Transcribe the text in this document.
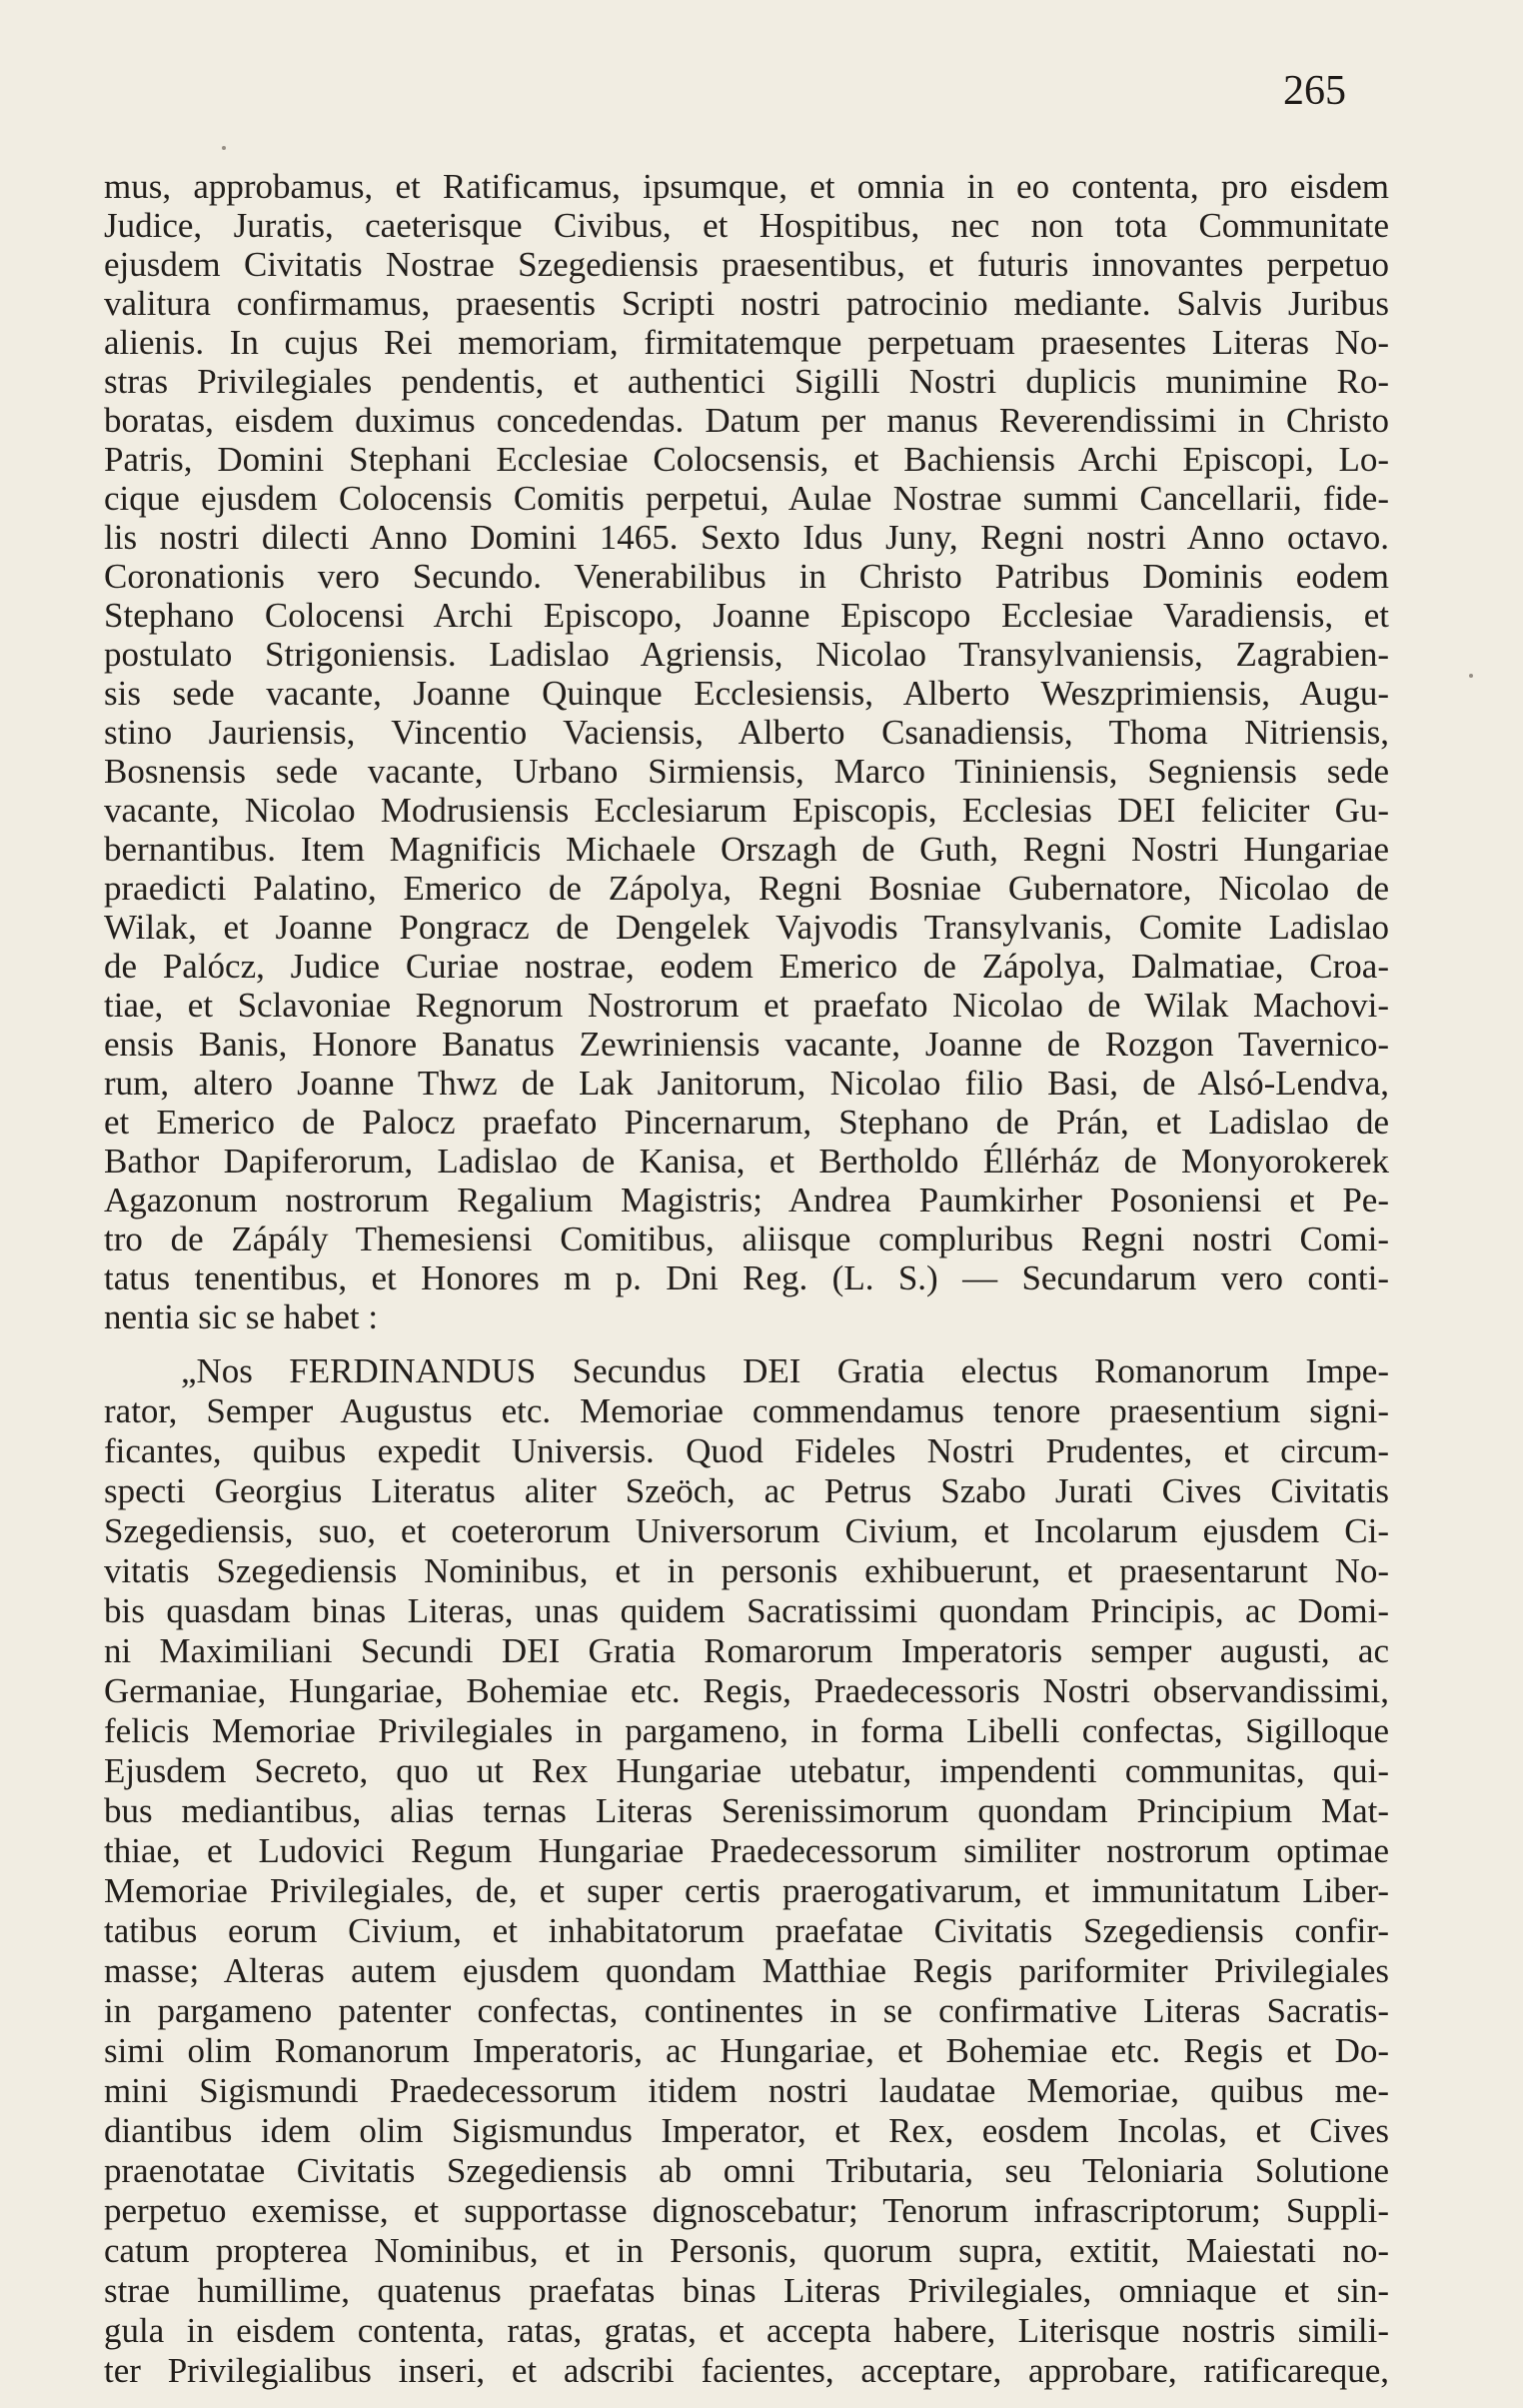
265
mus, approbamus, et Ratificamus, ipsumque, et omnia in eo contenta, pro eisdem
Judice, Juratis, caeterisque Civibus, et Hospitibus, nec non tota Communitate
ejusdem Civitatis Nostrae Szegediensis praesentibus, et futuris innovantes perpetuo
valitura confirmamus, praesentis Scripti nostri patrocinio mediante. Salvis Juribus
alienis. In cujus Rei memoriam, firmitatemque perpetuam praesentes Literas No-
stras Privilegiales pendentis, et authentici Sigilli Nostri duplicis munimine Ro-
boratas, eisdem duximus concedendas. Datum per manus Reverendissimi in Christo
Patris, Domini Stephani Ecclesiae Colocsensis, et Bachiensis Archi Episcopi, Lo-
cique ejusdem Colocensis Comitis perpetui, Aulae Nostrae summi Cancellarii, fide-
lis nostri dilecti Anno Domini 1465. Sexto Idus Juny, Regni nostri Anno octavo.
Coronationis vero Secundo. Venerabilibus in Christo Patribus Dominis eodem
Stephano Colocensi Archi Episcopo, Joanne Episcopo Ecclesiae Varadiensis, et
postulato Strigoniensis. Ladislao Agriensis, Nicolao Transylvaniensis, Zagrabien-
sis sede vacante, Joanne Quinque Ecclesiensis, Alberto Weszprimiensis, Augu-
stino Jauriensis, Vincentio Vaciensis, Alberto Csanadiensis, Thoma Nitriensis,
Bosnensis sede vacante, Urbano Sirmiensis, Marco Tininiensis, Segniensis sede
vacante, Nicolao Modrusiensis Ecclesiarum Episcopis, Ecclesias DEI feliciter Gu-
bernantibus. Item Magnificis Michaele Orszagh de Guth, Regni Nostri Hungariae
praedicti Palatino, Emerico de Zápolya, Regni Bosniae Gubernatore, Nicolao de
Wilak, et Joanne Pongracz de Dengelek Vajvodis Transylvanis, Comite Ladislao
de Palócz, Judice Curiae nostrae, eodem Emerico de Zápolya, Dalmatiae, Croa-
tiae, et Sclavoniae Regnorum Nostrorum et praefato Nicolao de Wilak Machovi-
ensis Banis, Honore Banatus Zewriniensis vacante, Joanne de Rozgon Tavernico-
rum, altero Joanne Thwz de Lak Janitorum, Nicolao filio Basi, de Alsó-Lendva,
et Emerico de Palocz praefato Pincernarum, Stephano de Prán, et Ladislao de
Bathor Dapiferorum, Ladislao de Kanisa, et Bertholdo Éllérház de Monyorokerek
Agazonum nostrorum Regalium Magistris; Andrea Paumkirher Posoniensi et Pe-
tro de Zápály Themesiensi Comitibus, aliisque compluribus Regni nostri Comi-
tatus tenentibus, et Honores m p. Dni Reg. (L. S.) — Secundarum vero conti-
nentia sic se habet :
„Nos FERDINANDUS Secundus DEI Gratia electus Romanorum Impe-
rator, Semper Augustus etc. Memoriae commendamus tenore praesentium signi-
ficantes, quibus expedit Universis. Quod Fideles Nostri Prudentes, et circum-
specti Georgius Literatus aliter Szeöch, ac Petrus Szabo Jurati Cives Civitatis
Szegediensis, suo, et coeterorum Universorum Civium, et Incolarum ejusdem Ci-
vitatis Szegediensis Nominibus, et in personis exhibuerunt, et praesentarunt No-
bis quasdam binas Literas, unas quidem Sacratissimi quondam Principis, ac Domi-
ni Maximiliani Secundi DEI Gratia Romarorum Imperatoris semper augusti, ac
Germaniae, Hungariae, Bohemiae etc. Regis, Praedecessoris Nostri observandissimi,
felicis Memoriae Privilegiales in pargameno, in forma Libelli confectas, Sigilloque
Ejusdem Secreto, quo ut Rex Hungariae utebatur, impendenti communitas, qui-
bus mediantibus, alias ternas Literas Serenissimorum quondam Principium Mat-
thiae, et Ludovici Regum Hungariae Praedecessorum similiter nostrorum optimae
Memoriae Privilegiales, de, et super certis praerogativarum, et immunitatum Liber-
tatibus eorum Civium, et inhabitatorum praefatae Civitatis Szegediensis confir-
masse; Alteras autem ejusdem quondam Matthiae Regis pariformiter Privilegiales
in pargameno patenter confectas, continentes in se confirmative Literas Sacratis-
simi olim Romanorum Imperatoris, ac Hungariae, et Bohemiae etc. Regis et Do-
mini Sigismundi Praedecessorum itidem nostri laudatae Memoriae, quibus me-
diantibus idem olim Sigismundus Imperator, et Rex, eosdem Incolas, et Cives
praenotatae Civitatis Szegediensis ab omni Tributaria, seu Teloniaria Solutione
perpetuo exemisse, et supportasse dignoscebatur; Tenorum infrascriptorum; Suppli-
catum propterea Nominibus, et in Personis, quorum supra, extitit, Maiestati no-
strae humillime, quatenus praefatas binas Literas Privilegiales, omniaque et sin-
gula in eisdem contenta, ratas, gratas, et accepta habere, Literisque nostris simili-
ter Privilegialibus inseri, et adscribi facientes, acceptare, approbare, ratificareque,
